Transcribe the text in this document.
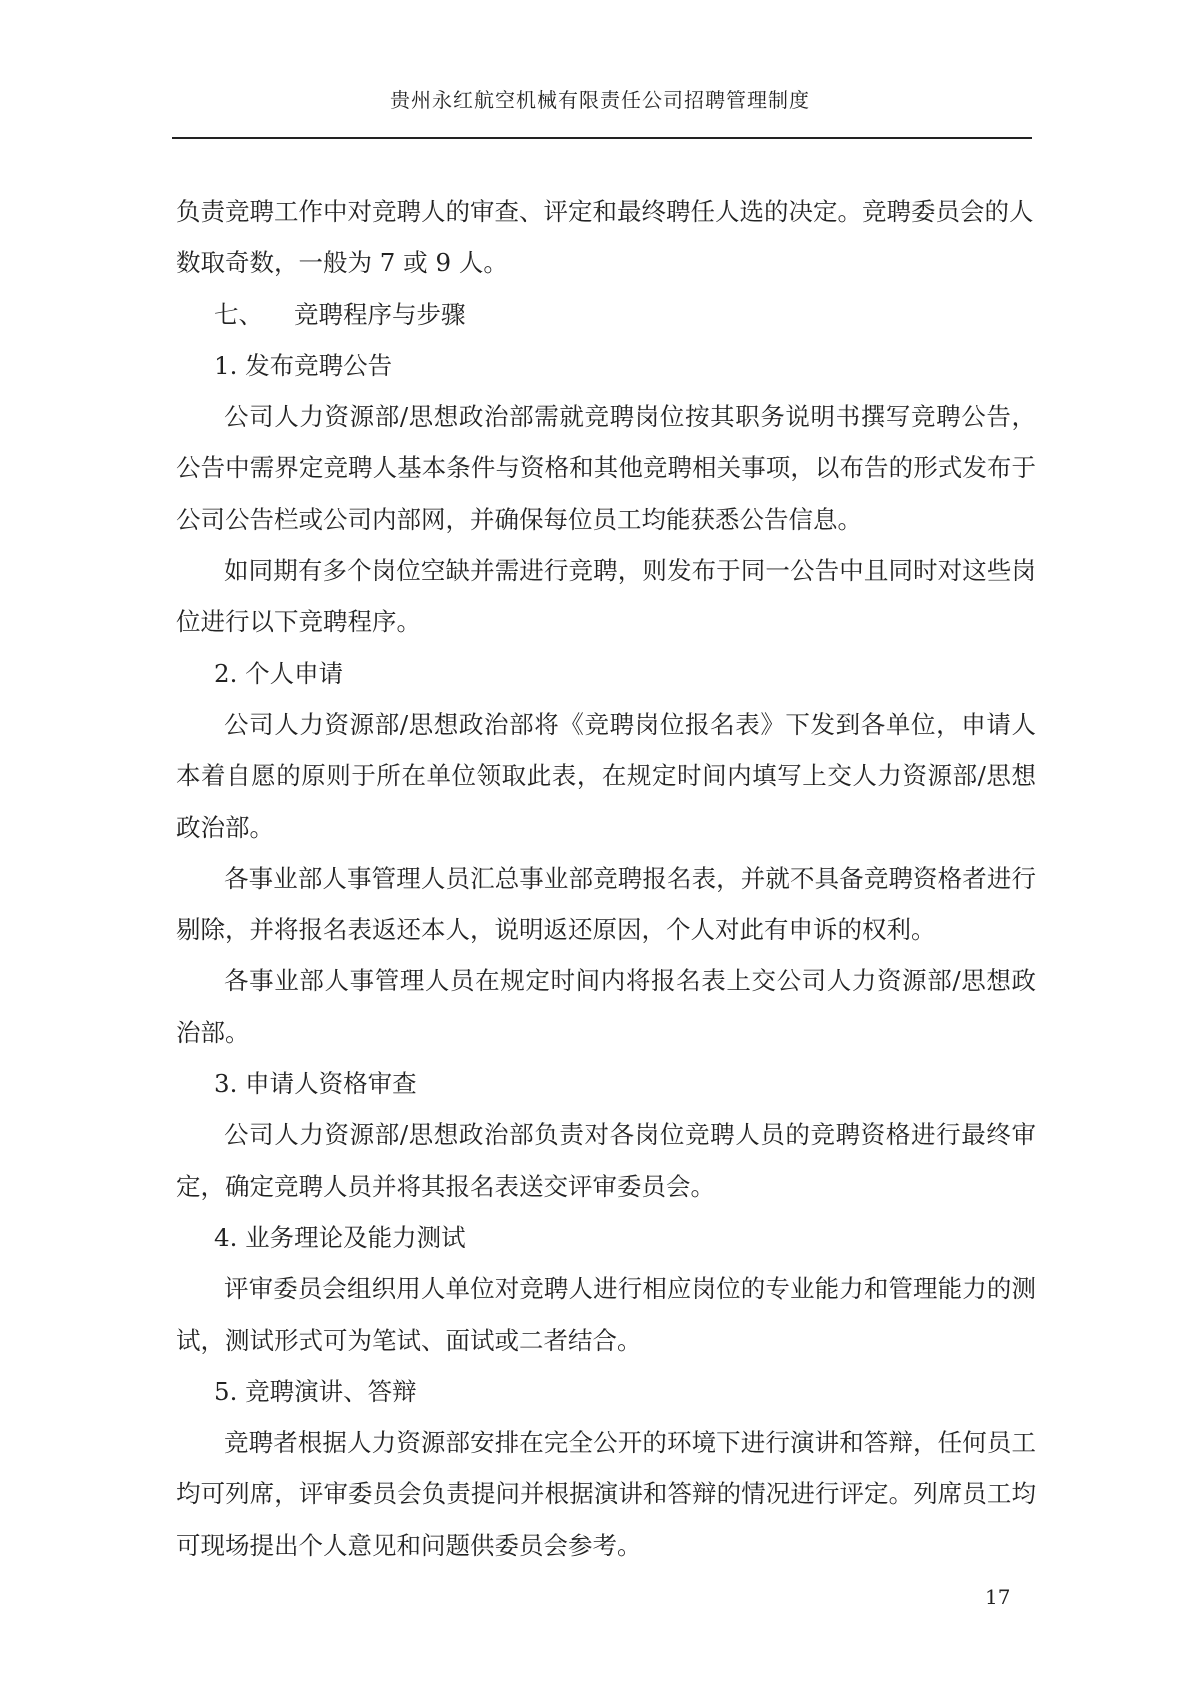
贵州永红航空机械有限责任公司招聘管理制度

负责竞聘工作中对竞聘人的审查、评定和最终聘任人选的决定。竞聘委员会的人

数取奇数，一般为 7 或 9 人。

七、 竞聘程序与步骤

1. 发布竞聘公告

公司人力资源部/思想政治部需就竞聘岗位按其职务说明书撰写竞聘公告，公告中需界定竞聘人基本条件与资格和其他竞聘相关事项，以布告的形式发布于公司公告栏或公司内部网，并确保每位员工均能获悉公告信息。

如同期有多个岗位空缺并需进行竞聘，则发布于同一公告中且同时对这些岗位进行以下竞聘程序。

2. 个人申请

公司人力资源部/思想政治部将《竞聘岗位报名表》下发到各单位，申请人本着自愿的原则于所在单位领取此表，在规定时间内填写上交人力资源部/思想政治部。

各事业部人事管理人员汇总事业部竞聘报名表，并就不具备竞聘资格者进行剔除，并将报名表返还本人，说明返还原因，个人对此有申诉的权利。

各事业部人事管理人员在规定时间内将报名表上交公司人力资源部/思想政治部。

3. 申请人资格审查

公司人力资源部/思想政治部负责对各岗位竞聘人员的竞聘资格进行最终审定，确定竞聘人员并将其报名表送交评审委员会。

4. 业务理论及能力测试

评审委员会组织用人单位对竞聘人进行相应岗位的专业能力和管理能力的测试，测试形式可为笔试、面试或二者结合。

5. 竞聘演讲、答辩

竞聘者根据人力资源部安排在完全公开的环境下进行演讲和答辩，任何员工均可列席，评审委员会负责提问并根据演讲和答辩的情况进行评定。列席员工均可现场提出个人意见和问题供委员会参考。

17
